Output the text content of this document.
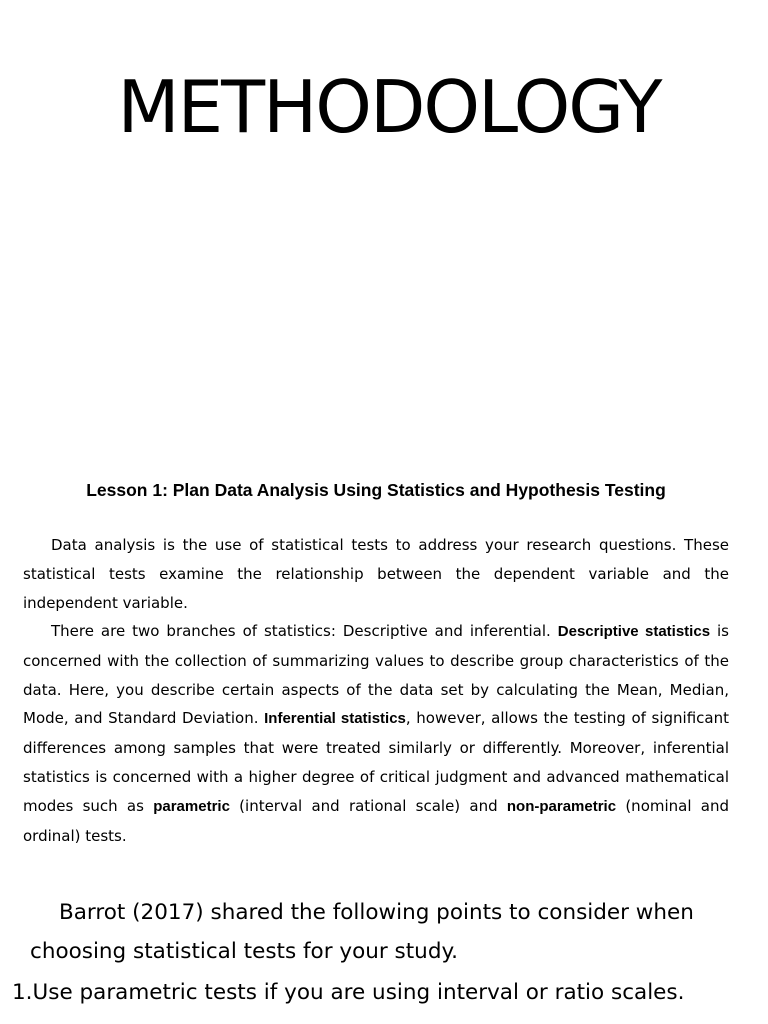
METHODOLOGY
Lesson 1: Plan Data Analysis Using Statistics and Hypothesis Testing

Data analysis is the use of statistical tests to address your research questions. These statistical tests examine the relationship between the dependent variable and the independent variable.

There are two branches of statistics: Descriptive and inferential. Descriptive statistics is concerned with the collection of summarizing values to describe group characteristics of the data. Here, you describe certain aspects of the data set by calculating the Mean, Median, Mode, and Standard Deviation. Inferential statistics, however, allows the testing of significant differences among samples that were treated similarly or differently. Moreover, inferential statistics is concerned with a higher degree of critical judgment and advanced mathematical modes such as parametric (interval and rational scale) and non-parametric (nominal and ordinal) tests.

Barrot (2017) shared the following points to consider when

choosing statistical tests for your study.

1.Use parametric tests if you are using interval or ratio scales.
